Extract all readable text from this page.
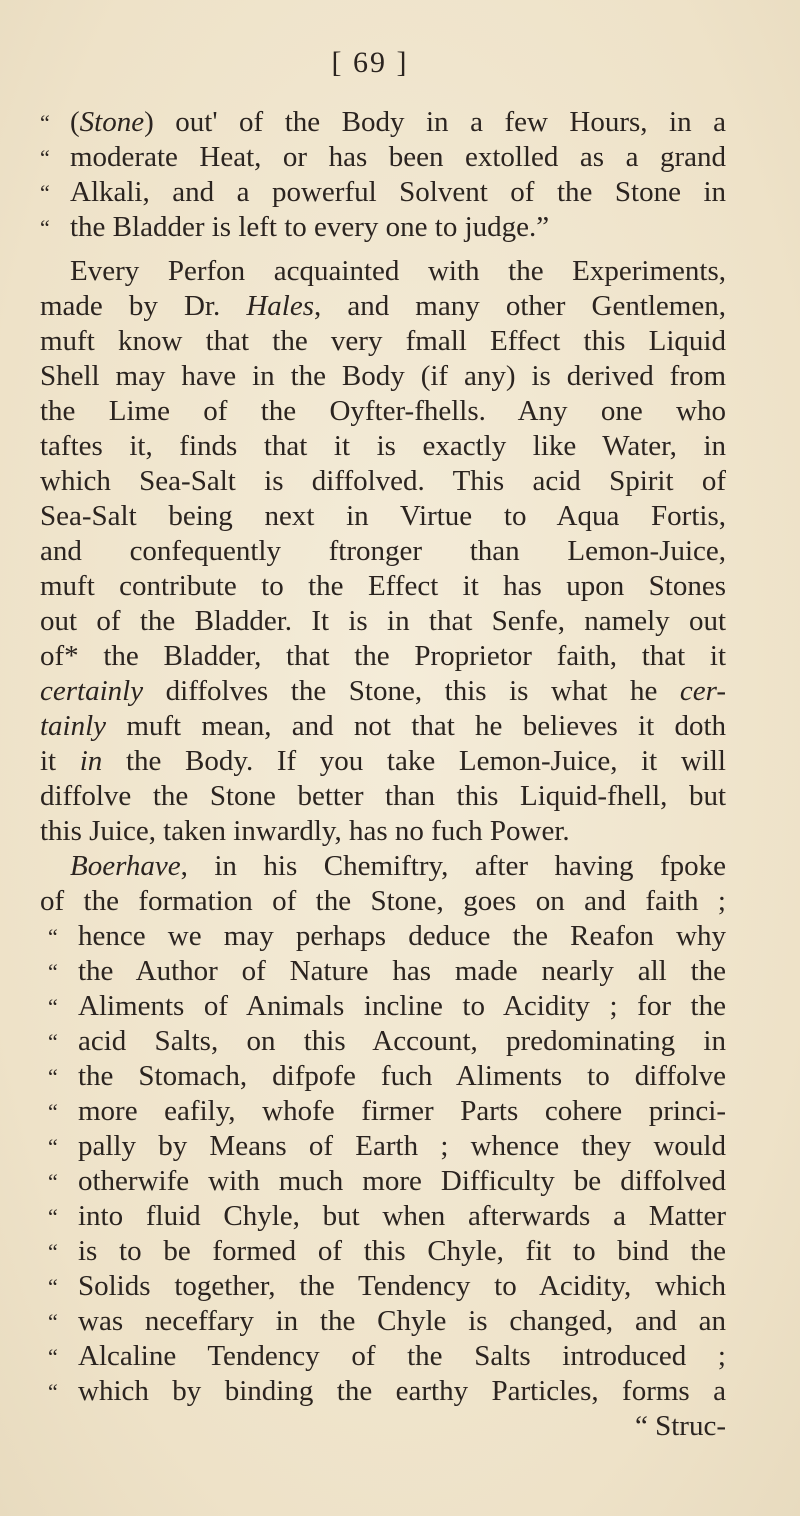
[ 69 ]
“ (Stone) out' of the Body in a few Hours, in a
“ moderate Heat, or has been extolled as a grand
“ Alkali, and a powerful Solvent of the Stone in
“ the Bladder is left to every one to judge.”
Every Perfon acquainted with the Experiments,
made by Dr. Hales, and many other Gentlemen,
muft know that the very fmall Effect this Liquid
Shell may have in the Body (if any) is derived from
the Lime of the Oyfter-fhells. Any one who
taftes it, finds that it is exactly like Water, in
which Sea-Salt is diffolved. This acid Spirit of
Sea-Salt being next in Virtue to Aqua Fortis,
and confequently ftronger than Lemon-Juice,
muft contribute to the Effect it has upon Stones
out of the Bladder. It is in that Senfe, namely out
of* the Bladder, that the Proprietor faith, that it
certainly diffolves the Stone, this is what he cer-
tainly muft mean, and not that he believes it doth
it in the Body. If you take Lemon-Juice, it will
diffolve the Stone better than this Liquid-fhell, but
this Juice, taken inwardly, has no fuch Power.
Boerhave, in his Chemiftry, after having fpoke
of the formation of the Stone, goes on and faith ;
“ hence we may perhaps deduce the Reafon why
“ the Author of Nature has made nearly all the
“ Aliments of Animals incline to Acidity ; for the
“ acid Salts, on this Account, predominating in
“ the Stomach, difpofe fuch Aliments to diffolve
“ more eafily, whofe firmer Parts cohere princi-
“ pally by Means of Earth ; whence they would
“ otherwife with much more Difficulty be diffolved
“ into fluid Chyle, but when afterwards a Matter
“ is to be formed of this Chyle, fit to bind the
“ Solids together, the Tendency to Acidity, which
“ was neceffary in the Chyle is changed, and an
“ Alcaline Tendency of the Salts introduced ;
“ which by binding the earthy Particles, forms a
“ Struc-
